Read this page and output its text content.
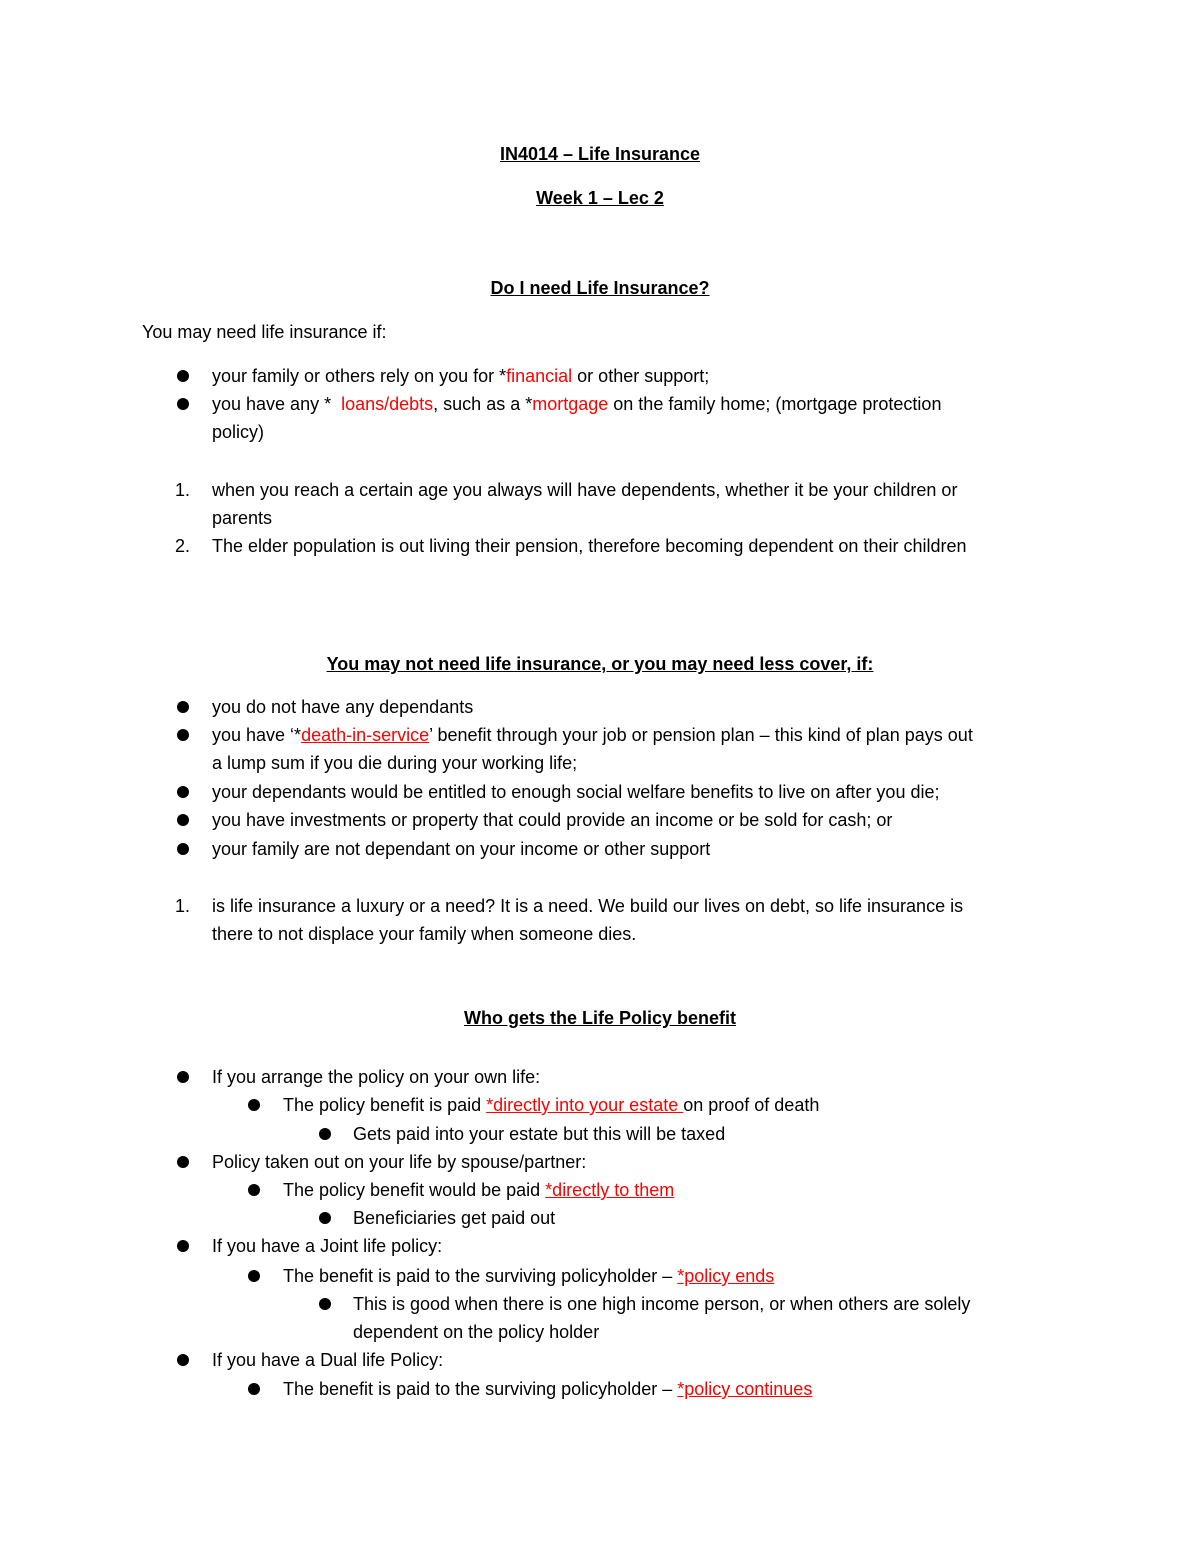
IN4014 – Life Insurance
Week 1 – Lec 2
Do I need Life Insurance?
You may need life insurance if:
your family or others rely on you for *financial or other support;
you have any *  loans/debts, such as a *mortgage on the family home; (mortgage protection
policy)
1. when you reach a certain age you always will have dependents, whether it be your children or
parents
2. The elder population is out living their pension, therefore becoming dependent on their children
You may not need life insurance, or you may need less cover, if:
you do not have any dependants
you have ‘*death-in-service’ benefit through your job or pension plan – this kind of plan pays out
a lump sum if you die during your working life;
your dependants would be entitled to enough social welfare benefits to live on after you die;
you have investments or property that could provide an income or be sold for cash; or
your family are not dependant on your income or other support
1. is life insurance a luxury or a need? It is a need. We build our lives on debt, so life insurance is
there to not displace your family when someone dies.
Who gets the Life Policy benefit
If you arrange the policy on your own life:
The policy benefit is paid *directly into your estate on proof of death
Gets paid into your estate but this will be taxed
Policy taken out on your life by spouse/partner:
The policy benefit would be paid *directly to them
Beneficiaries get paid out
If you have a Joint life policy:
The benefit is paid to the surviving policyholder – *policy ends
This is good when there is one high income person, or when others are solely
dependent on the policy holder
If you have a Dual life Policy:
The benefit is paid to the surviving policyholder – *policy continues
